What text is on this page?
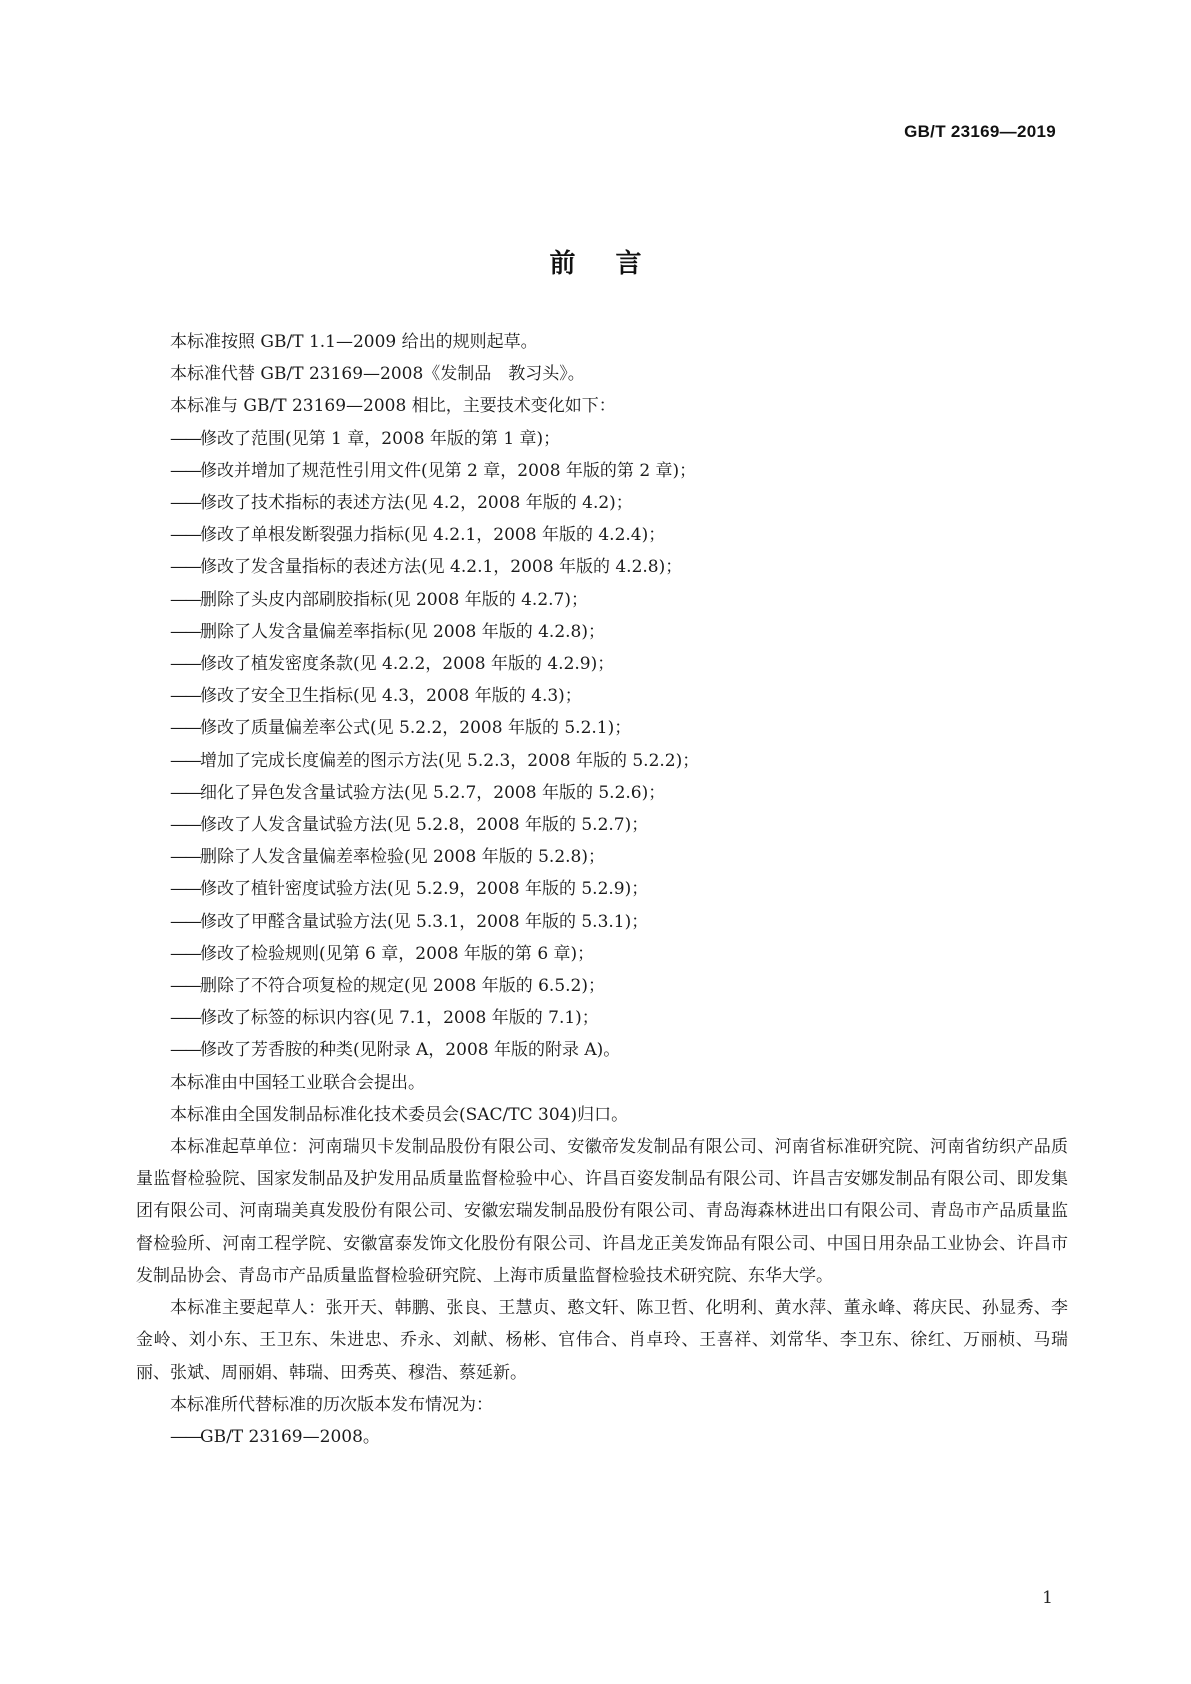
GB/T 23169—2019
前言

本标准按照 GB/T 1.1—2009 给出的规则起草。

本标准代替 GB/T 23169—2008《发制品　教习头》。

本标准与 GB/T 23169—2008 相比，主要技术变化如下：

——修改了范围(见第 1 章，2008 年版的第 1 章)；

——修改并增加了规范性引用文件(见第 2 章，2008 年版的第 2 章)；

——修改了技术指标的表述方法(见 4.2，2008 年版的 4.2)；

——修改了单根发断裂强力指标(见 4.2.1，2008 年版的 4.2.4)；

——修改了发含量指标的表述方法(见 4.2.1，2008 年版的 4.2.8)；

——删除了头皮内部刷胶指标(见 2008 年版的 4.2.7)；

——删除了人发含量偏差率指标(见 2008 年版的 4.2.8)；

——修改了植发密度条款(见 4.2.2，2008 年版的 4.2.9)；

——修改了安全卫生指标(见 4.3，2008 年版的 4.3)；

——修改了质量偏差率公式(见 5.2.2，2008 年版的 5.2.1)；

——增加了完成长度偏差的图示方法(见 5.2.3，2008 年版的 5.2.2)；

——细化了异色发含量试验方法(见 5.2.7，2008 年版的 5.2.6)；

——修改了人发含量试验方法(见 5.2.8，2008 年版的 5.2.7)；

——删除了人发含量偏差率检验(见 2008 年版的 5.2.8)；

——修改了植针密度试验方法(见 5.2.9，2008 年版的 5.2.9)；

——修改了甲醛含量试验方法(见 5.3.1，2008 年版的 5.3.1)；

——修改了检验规则(见第 6 章，2008 年版的第 6 章)；

——删除了不符合项复检的规定(见 2008 年版的 6.5.2)；

——修改了标签的标识内容(见 7.1，2008 年版的 7.1)；

——修改了芳香胺的种类(见附录 A，2008 年版的附录 A)。

本标准由中国轻工业联合会提出。

本标准由全国发制品标准化技术委员会(SAC/TC 304)归口。

本标准起草单位：河南瑞贝卡发制品股份有限公司、安徽帝发发制品有限公司、河南省标准研究院、河南省纺织产品质量监督检验院、国家发制品及护发用品质量监督检验中心、许昌百姿发制品有限公司、许昌吉安娜发制品有限公司、即发集团有限公司、河南瑞美真发股份有限公司、安徽宏瑞发制品股份有限公司、青岛海森林进出口有限公司、青岛市产品质量监督检验所、河南工程学院、安徽富泰发饰文化股份有限公司、许昌龙正美发饰品有限公司、中国日用杂品工业协会、许昌市发制品协会、青岛市产品质量监督检验研究院、上海市质量监督检验技术研究院、东华大学。

本标准主要起草人：张开天、韩鹏、张良、王慧贞、憨文轩、陈卫哲、化明利、黄水萍、董永峰、蒋庆民、孙显秀、李金岭、刘小东、王卫东、朱进忠、乔永、刘献、杨彬、官伟合、肖卓玲、王喜祥、刘常华、李卫东、徐红、万丽桢、马瑞丽、张斌、周丽娟、韩瑞、田秀英、穆浩、蔡延新。

本标准所代替标准的历次版本发布情况为：

——GB/T 23169—2008。

1
